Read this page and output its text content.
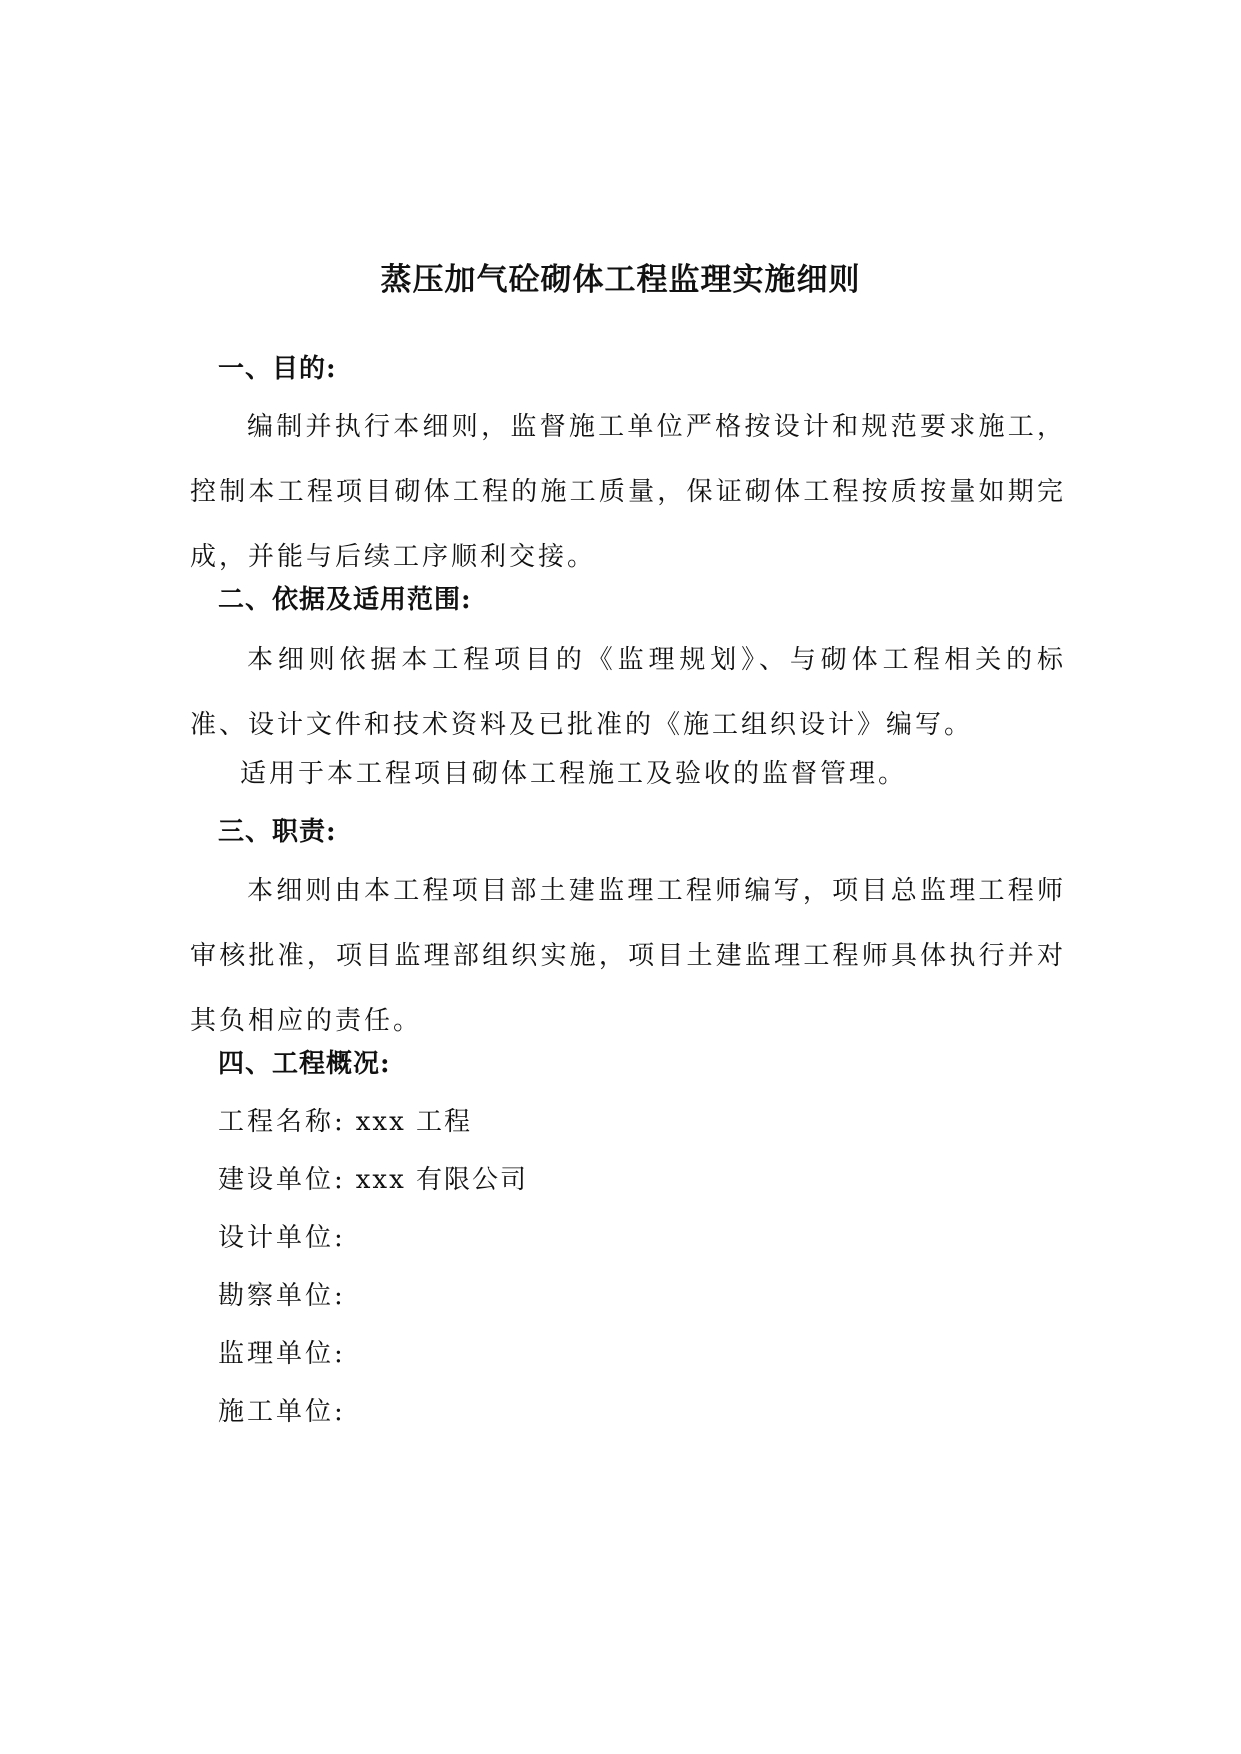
蒸压加气砼砌体工程监理实施细则
一、目的:
编制并执行本细则，监督施工单位严格按设计和规范要求施工，控制本工程项目砌体工程的施工质量，保证砌体工程按质按量如期完成，并能与后续工序顺利交接。
二、依据及适用范围:
本细则依据本工程项目的《监理规划》、与砌体工程相关的标准、设计文件和技术资料及已批准的《施工组织设计》编写。
适用于本工程项目砌体工程施工及验收的监督管理。
三、职责:
本细则由本工程项目部土建监理工程师编写，项目总监理工程师审核批准，项目监理部组织实施，项目土建监理工程师具体执行并对其负相应的责任。
四、工程概况:
工程名称: xxx 工程
建设单位: xxx 有限公司
设计单位:
勘察单位:
监理单位:
施工单位:
